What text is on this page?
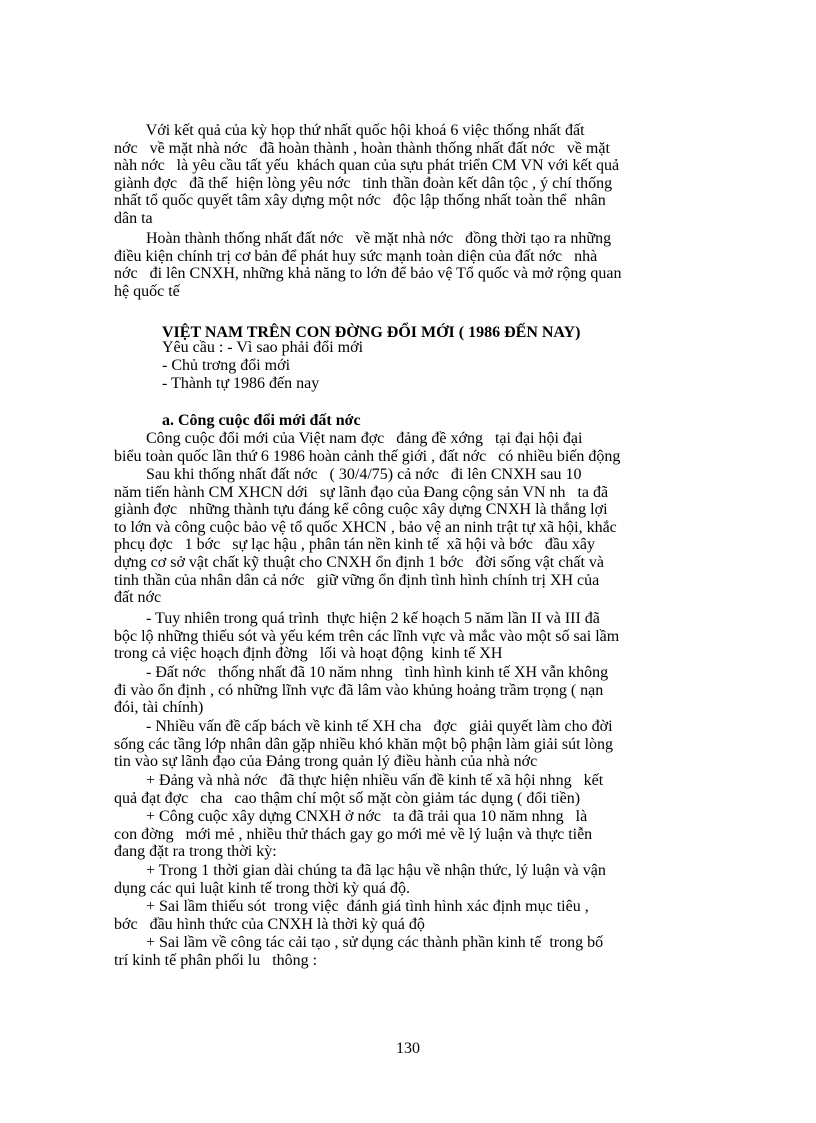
Với kết quả của kỳ họp thứ nhất quốc hội khoá 6 việc thống nhất đất
nớc   về mặt nhà nớc   đã hoàn thành , hoàn thành thống nhất đất nớc   về mặt
nàh nớc   là yêu cầu tất yếu  khách quan của sựu phát triển CM VN với kết quả
giành đợc   đã thể  hiện lòng yêu nớc   tinh thần đoàn kết dân tộc , ý chí thống
nhất tổ quốc quyết tâm xây dựng một nớc   độc lập thống nhất toàn thể  nhân
dân ta
Hoàn thành thống nhất đất nớc   về mặt nhà nớc   đồng thời tạo ra những
điều kiện chính trị cơ bản để phát huy sức mạnh toàn diện của đất nớc   nhà
nớc   đi lên CNXH, những khả năng to lớn để bảo vệ Tổ quốc và mở rộng quan
hệ quốc tế
VIỆT NAM TRÊN CON ĐỜNG ĐỔI MỚI ( 1986 ĐẾN NAY)
Yêu cầu : - Vì sao phải đổi mới
- Chủ trơng đổi mới
- Thành tự 1986 đến nay
a. Công cuộc đổi mới đất nớc
Công cuộc đổi mới của Việt nam đợc   đảng đề xớng   tại đại hội đại
biểu toàn quốc lần thứ 6 1986 hoàn cảnh thế giới , đất nớc   có nhiều biến động
Sau khi thống nhất đất nớc   ( 30/4/75) cả nớc   đi lên CNXH sau 10
năm tiến hành CM XHCN dới   sự lãnh đạo của Đang cộng sản VN nh   ta đã
giành đợc   những thành tựu đáng kể công cuộc xây dựng CNXH là thắng lợi
to lớn và công cuộc bảo vệ tổ quốc XHCN , bảo vệ an ninh trật tự xã hội, khắc
phcụ đợc   1 bớc   sự lạc hậu , phân tán nền kinh tế  xã hội và bớc   đầu xây
dựng cơ sở vật chất kỹ thuật cho CNXH ổn định 1 bớc   đời sống vật chất và
tinh thần của nhân dân cả nớc   giữ vững ổn định tình hình chính trị XH của
đất nớc
- Tuy nhiên trong quá trình  thực hiện 2 kế hoạch 5 năm lần II và III đã
bộc lộ những thiếu sót và yếu kém trên các lĩnh vực và mắc vào một số sai lầm
trong cả việc hoạch định đờng   lối và hoạt động  kinh tế XH
- Đất nớc   thống nhất đã 10 năm nhng   tình hình kinh tế XH vẫn không
đi vào ổn định , có những lĩnh vực đã lâm vào khủng hoảng trầm trọng ( nạn
đói, tài chính)
- Nhiều vấn đề cấp bách về kinh tế XH cha   đợc   giải quyết làm cho đời
sống các tầng lớp nhân dân gặp nhiều khó khăn một bộ phận làm giải sút lòng
tin vào sự lãnh đạo của Đảng trong quản lý điều hành của nhà nớc
+ Đảng và nhà nớc   đã thực hiện nhiều vấn đề kinh tế xã hội nhng   kết
quả đạt đợc   cha   cao thậm chí một số mặt còn giảm tác dụng ( đổi tiền)
+ Công cuộc xây dựng CNXH ở nớc   ta đã trải qua 10 năm nhng   là
con đờng   mới mẻ , nhiều thử thách gay go mới mẻ về lý luận và thực tiễn
đang đặt ra trong thời kỳ:
+ Trong 1 thời gian dài chúng ta đã lạc hậu về nhận thức, lý luận và vận
dụng các qui luật kinh tế trong thời kỳ quá độ.
+ Sai lầm thiếu sót  trong việc  đánh giá tình hình xác định mục tiêu ,
bớc   đầu hình thức của CNXH là thời kỳ quá độ
+ Sai lầm về công tác cải tạo , sử dụng các thành phần kinh tế  trong bố
trí kinh tế phân phối lu   thông :
130
